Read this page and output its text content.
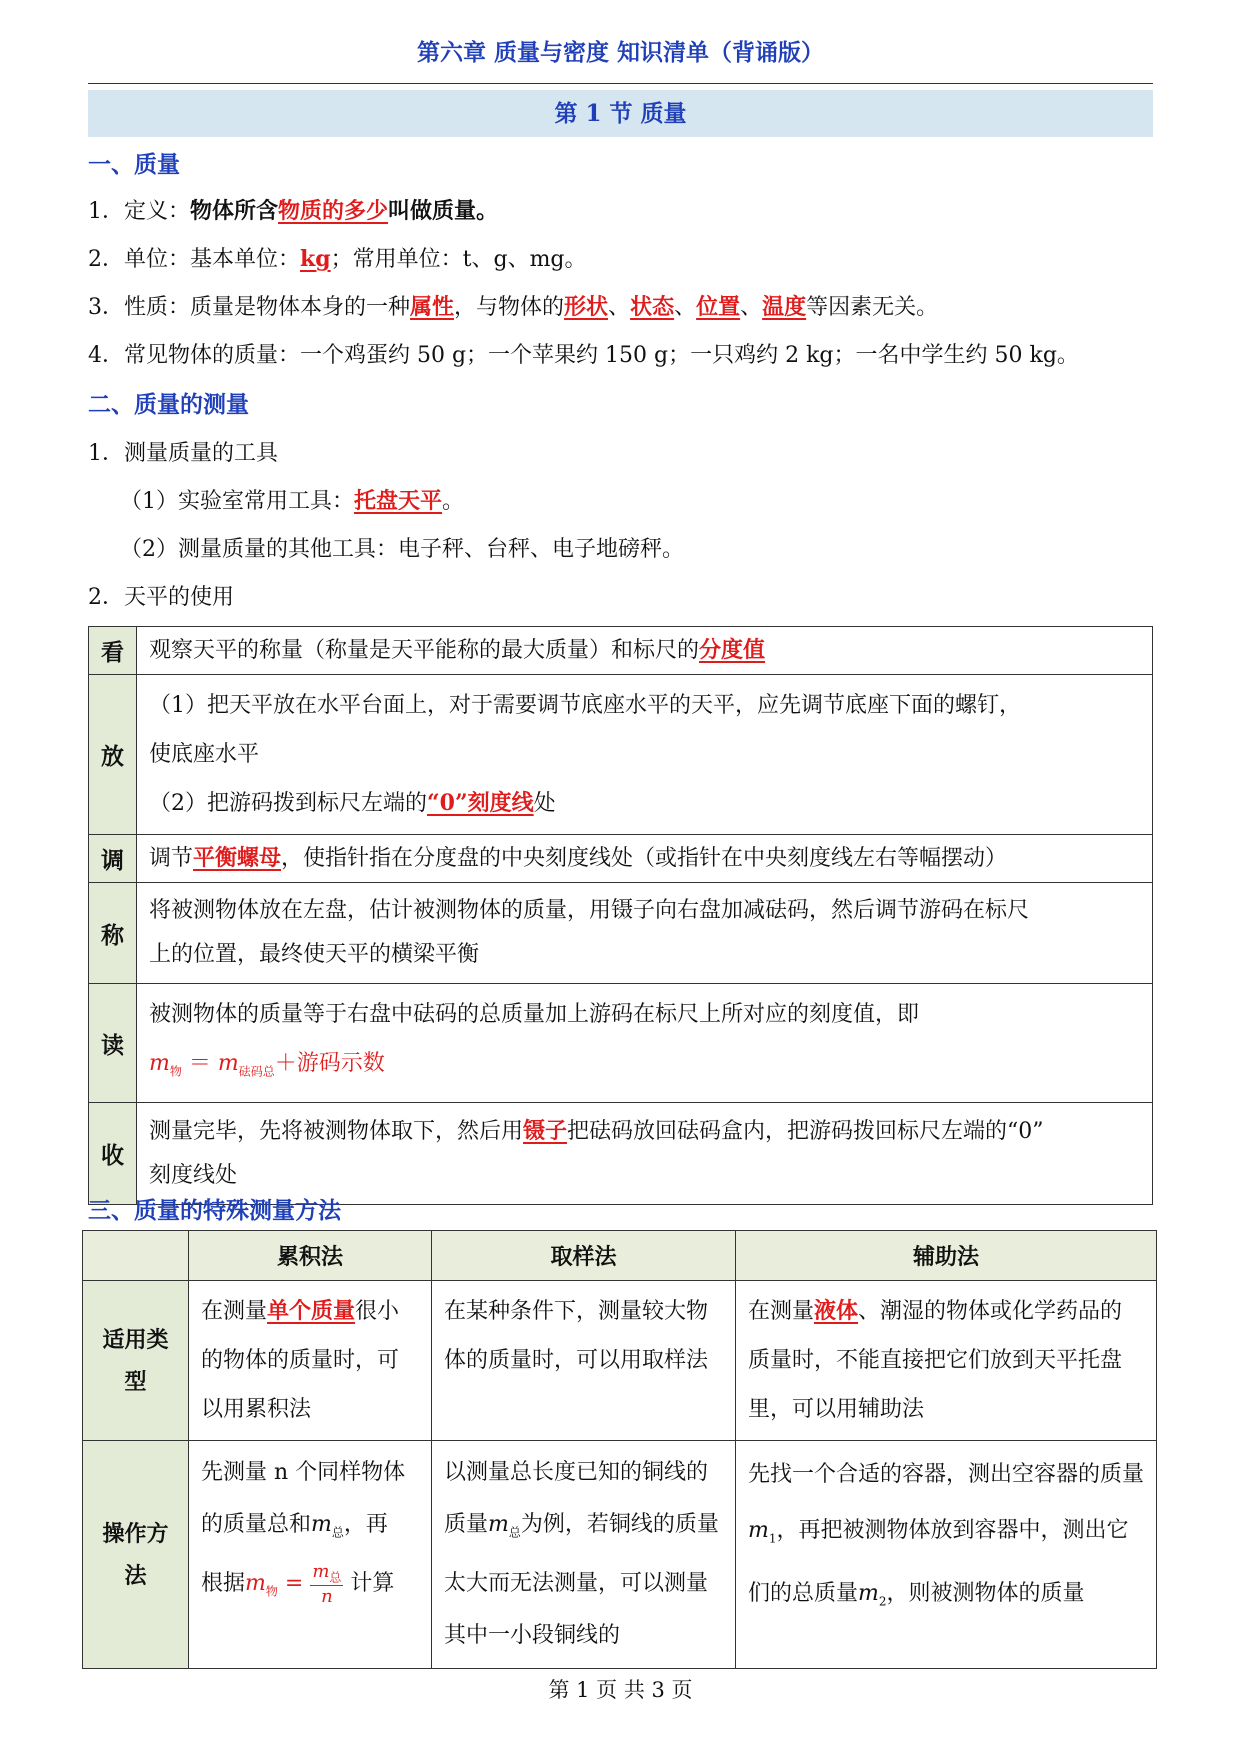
第六章 质量与密度 知识清单（背诵版）
第 1 节 质量
一、质量
1．定义：物体所含物质的多少叫做质量。
2．单位：基本单位：kg；常用单位：t、g、mg。
3．性质：质量是物体本身的一种属性，与物体的形状、状态、位置、温度等因素无关。
4．常见物体的质量：一个鸡蛋约 50 g；一个苹果约 150 g；一只鸡约 2 kg；一名中学生约 50 kg。
二、质量的测量
1．测量质量的工具
（1）实验室常用工具：托盘天平。
（2）测量质量的其他工具：电子秤、台秤、电子地磅秤。
2．天平的使用
看	观察天平的称量（称量是天平能称的最大质量）和标尺的分度值
放	（1）把天平放在水平台面上，对于需要调节底座水平的天平，应先调节底座下面的螺钉，
使底座水平
（2）把游码拨到标尺左端的“0”刻度线处

调	调节平衡螺母，使指针指在分度盘的中央刻度线处（或指针在中央刻度线左右等幅摆动）
称	将被测物体放在左盘，估计被测物体的质量，用镊子向右盘加减砝码，然后调节游码在标尺
上的位置，最终使天平的横梁平衡

读	被测物体的质量等于右盘中砝码的总质量加上游码在标尺上所对应的刻度值，即
$m_物 = m_{砝码总}+$游码示数

收	测量完毕，先将被测物体取下，然后用镊子把砝码放回砝码盒内，把游码拨回标尺左端的“0”
刻度线处
三、质量的特殊测量方法
	累积法	取样法	辅助法
适用类型	在测量单个质量很小的物体的质量时，可以用累积法	在某种条件下，测量较大物体的质量时，可以用取样法	在测量液体、潮湿的物体或化学药品的质量时，不能直接把它们放到天平托盘里，可以用辅助法
操作方法	先测量 n 个同样物体的质量总和$m_总$，再
根据$m_物 = \frac{m_总}{n}$ 计算	以测量总长度已知的铜线的质量$m_总$为例，若铜线的质量太大而无法测量，可以测量其中一小段铜线的	先找一个合适的容器，测出空容器的质量$m_1$，再把被测物体放到容器中，测出它们的总质量$m_2$，则被测物体的质量
第 1 页 共 3 页
